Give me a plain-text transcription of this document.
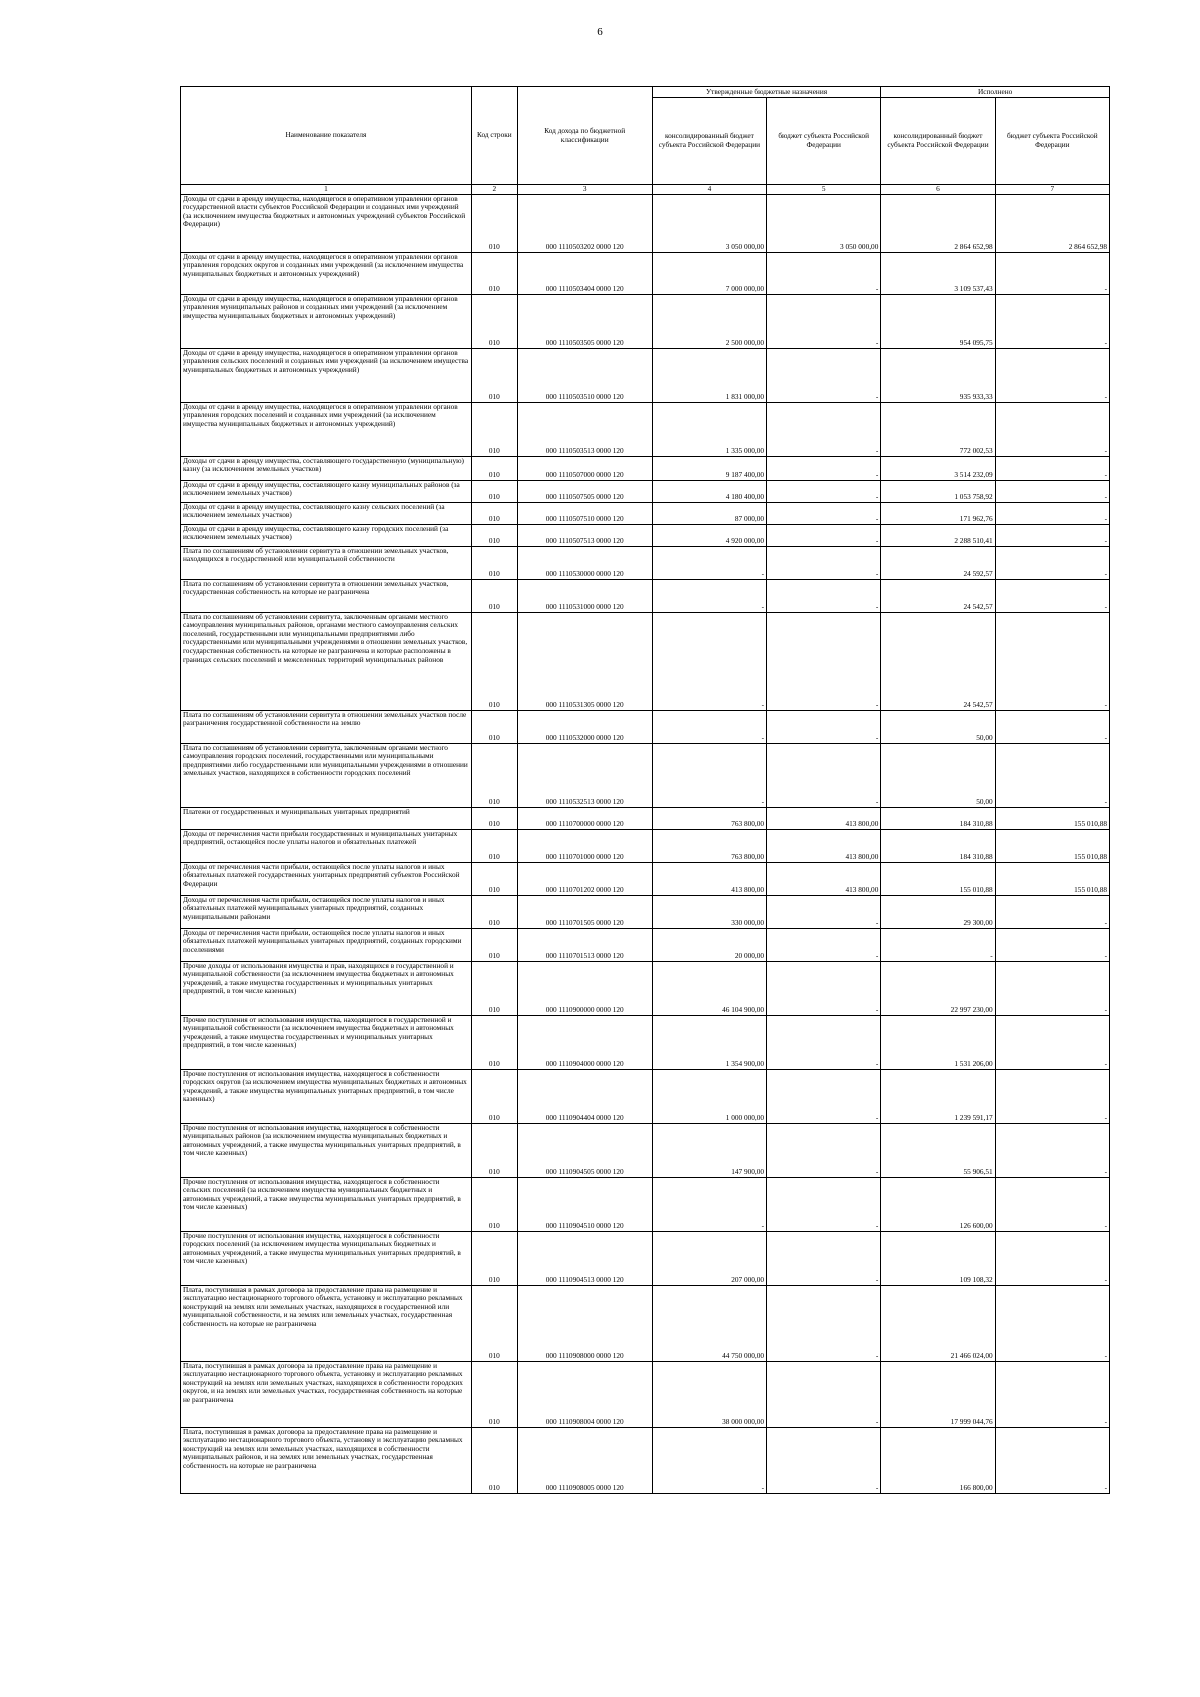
6
Наименование показателя	Код строки	Код дохода по бюджетной классификации	Утвержденные бюджетные назначения		Исполнено	
			консолидированный бюджет субъекта Российской Федерации	бюджет субъекта Российской Федерации	консолидированный бюджет субъекта Российской Федерации	бюджет субъекта Российской Федерации
1	2	3	4	5	6	7
Доходы от сдачи в аренду имущества, находящегося в оперативном управлении органов государственной власти субъектов Российской Федерации и созданных ими учреждений (за исключением имущества бюджетных и автономных учреждений субъектов Российской Федерации)	010	000 1110503202 0000 120	3 050 000,00	3 050 000,00	2 864 652,98	2 864 652,98
Доходы от сдачи в аренду имущества, находящегося в оперативном управлении органов управления городских округов и созданных ими учреждений (за исключением имущества муниципальных бюджетных и автономных учреждений)	010	000 1110503404 0000 120	7 000 000,00	-	3 109 537,43	-
Доходы от сдачи в аренду имущества, находящегося в оперативном управлении органов управления муниципальных районов и созданных ими учреждений (за исключением имущества муниципальных бюджетных и автономных учреждений)	010	000 1110503505 0000 120	2 500 000,00	-	954 095,75	-
Доходы от сдачи в аренду имущества, находящегося в оперативном управлении органов управления сельских поселений и созданных ими учреждений (за исключением имущества муниципальных бюджетных и автономных учреждений)	010	000 1110503510 0000 120	1 831 000,00	-	935 933,33	-
Доходы от сдачи в аренду имущества, находящегося в оперативном управлении органов управления городских поселений и созданных ими учреждений (за исключением имущества муниципальных бюджетных и автономных учреждений)	010	000 1110503513 0000 120	1 335 000,00	-	772 002,53	-
Доходы от сдачи в аренду имущества, составляющего государственную (муниципальную) казну (за исключением земельных участков)	010	000 1110507000 0000 120	9 187 400,00	-	3 514 232,09	-
Доходы от сдачи в аренду имущества, составляющего казну муниципальных районов (за исключением земельных участков)	010	000 1110507505 0000 120	4 180 400,00	-	1 053 758,92	-
Доходы от сдачи в аренду имущества, составляющего казну сельских поселений (за исключением земельных участков)	010	000 1110507510 0000 120	87 000,00	-	171 962,76	-
Доходы от сдачи в аренду имущества, составляющего казну городских поселений (за исключением земельных участков)	010	000 1110507513 0000 120	4 920 000,00	-	2 288 510,41	-
Плата по соглашениям об установлении сервитута в отношении земельных участков, находящихся в государственной или муниципальной собственности	010	000 1110530000 0000 120	-	-	24 592,57	-
Плата по соглашениям об установлении сервитута в отношении земельных участков, государственная собственность на которые не разграничена	010	000 1110531000 0000 120	-	-	24 542,57	-
Плата по соглашениям об установлении сервитута, заключенным органами местного самоуправления муниципальных районов, органами местного самоуправления сельских поселений, государственными или муниципальными предприятиями либо государственными или муниципальными учреждениями в отношении земельных участков, государственная собственность на которые не разграничена и которые расположены в границах сельских поселений и межселенных территорий муниципальных районов	010	000 1110531305 0000 120	-	-	24 542,57	-
Плата по соглашениям об установлении сервитута в отношении земельных участков после разграничения государственной собственности на землю	010	000 1110532000 0000 120	-	-	50,00	-
Плата по соглашениям об установлении сервитута, заключенным органами местного самоуправления городских поселений, государственными или муниципальными предприятиями либо государственными или муниципальными учреждениями в отношении земельных участков, находящихся в собственности городских поселений	010	000 1110532513 0000 120	-	-	50,00	-
Платежи от государственных и муниципальных унитарных предприятий	010	000 1110700000 0000 120	763 800,00	413 800,00	184 310,88	155 010,88
Доходы от перечисления части прибыли государственных и муниципальных унитарных предприятий, остающейся после уплаты налогов и обязательных платежей	010	000 1110701000 0000 120	763 800,00	413 800,00	184 310,88	155 010,88
Доходы от перечисления части прибыли, остающейся после уплаты налогов и иных обязательных платежей государственных унитарных предприятий субъектов Российской Федерации	010	000 1110701202 0000 120	413 800,00	413 800,00	155 010,88	155 010,88
Доходы от перечисления части прибыли, остающейся после уплаты налогов и иных обязательных платежей муниципальных унитарных предприятий, созданных муниципальными районами	010	000 1110701505 0000 120	330 000,00	-	29 300,00	-
Доходы от перечисления части прибыли, остающейся после уплаты налогов и иных обязательных платежей муниципальных унитарных предприятий, созданных городскими поселениями	010	000 1110701513 0000 120	20 000,00	-	-	-
Прочие доходы от использования имущества и прав, находящихся в государственной и муниципальной собственности (за исключением имущества бюджетных и автономных учреждений, а также имущества государственных и муниципальных унитарных предприятий, в том числе казенных)	010	000 1110900000 0000 120	46 104 900,00	-	22 997 230,00	-
Прочие поступления от использования имущества, находящегося в государственной и муниципальной собственности (за исключением имущества бюджетных и автономных учреждений, а также имущества государственных и муниципальных унитарных предприятий, в том числе казенных)	010	000 1110904000 0000 120	1 354 900,00	-	1 531 206,00	-
Прочие поступления от использования имущества, находящегося в собственности городских округов (за исключением имущества муниципальных бюджетных и автономных учреждений, а также имущества муниципальных унитарных предприятий, в том числе казенных)	010	000 1110904404 0000 120	1 000 000,00	-	1 239 591,17	-
Прочие поступления от использования имущества, находящегося в собственности муниципальных районов (за исключением имущества муниципальных бюджетных и автономных учреждений, а также имущества муниципальных унитарных предприятий, в том числе казенных)	010	000 1110904505 0000 120	147 900,00	-	55 906,51	-
Прочие поступления от использования имущества, находящегося в собственности сельских поселений (за исключением имущества муниципальных бюджетных и автономных учреждений, а также имущества муниципальных унитарных предприятий, в том числе казенных)	010	000 1110904510 0000 120	-	-	126 600,00	-
Прочие поступления от использования имущества, находящегося в собственности городских поселений (за исключением имущества муниципальных бюджетных и автономных учреждений, а также имущества муниципальных унитарных предприятий, в том числе казенных)	010	000 1110904513 0000 120	207 000,00	-	109 108,32	-
Плата, поступившая в рамках договора за предоставление права на размещение и эксплуатацию нестационарного торгового объекта, установку и эксплуатацию рекламных конструкций на землях или земельных участках, находящихся в государственной или муниципальной собственности, и на землях или земельных участках, государственная собственность на которые не разграничена	010	000 1110908000 0000 120	44 750 000,00	-	21 466 024,00	-
Плата, поступившая в рамках договора за предоставление права на размещение и эксплуатацию нестационарного торгового объекта, установку и эксплуатацию рекламных конструкций на землях или земельных участках, находящихся в собственности городских округов, и на землях или земельных участках, государственная собственность на которые не разграничена	010	000 1110908004 0000 120	38 000 000,00	-	17 999 044,76	-
Плата, поступившая в рамках договора за предоставление права на размещение и эксплуатацию нестационарного торгового объекта, установку и эксплуатацию рекламных конструкций на землях или земельных участках, находящихся в собственности муниципальных районов, и на землях или земельных участках, государственная собственность на которые не разграничена	010	000 1110908005 0000 120	-	-	166 800,00	-
